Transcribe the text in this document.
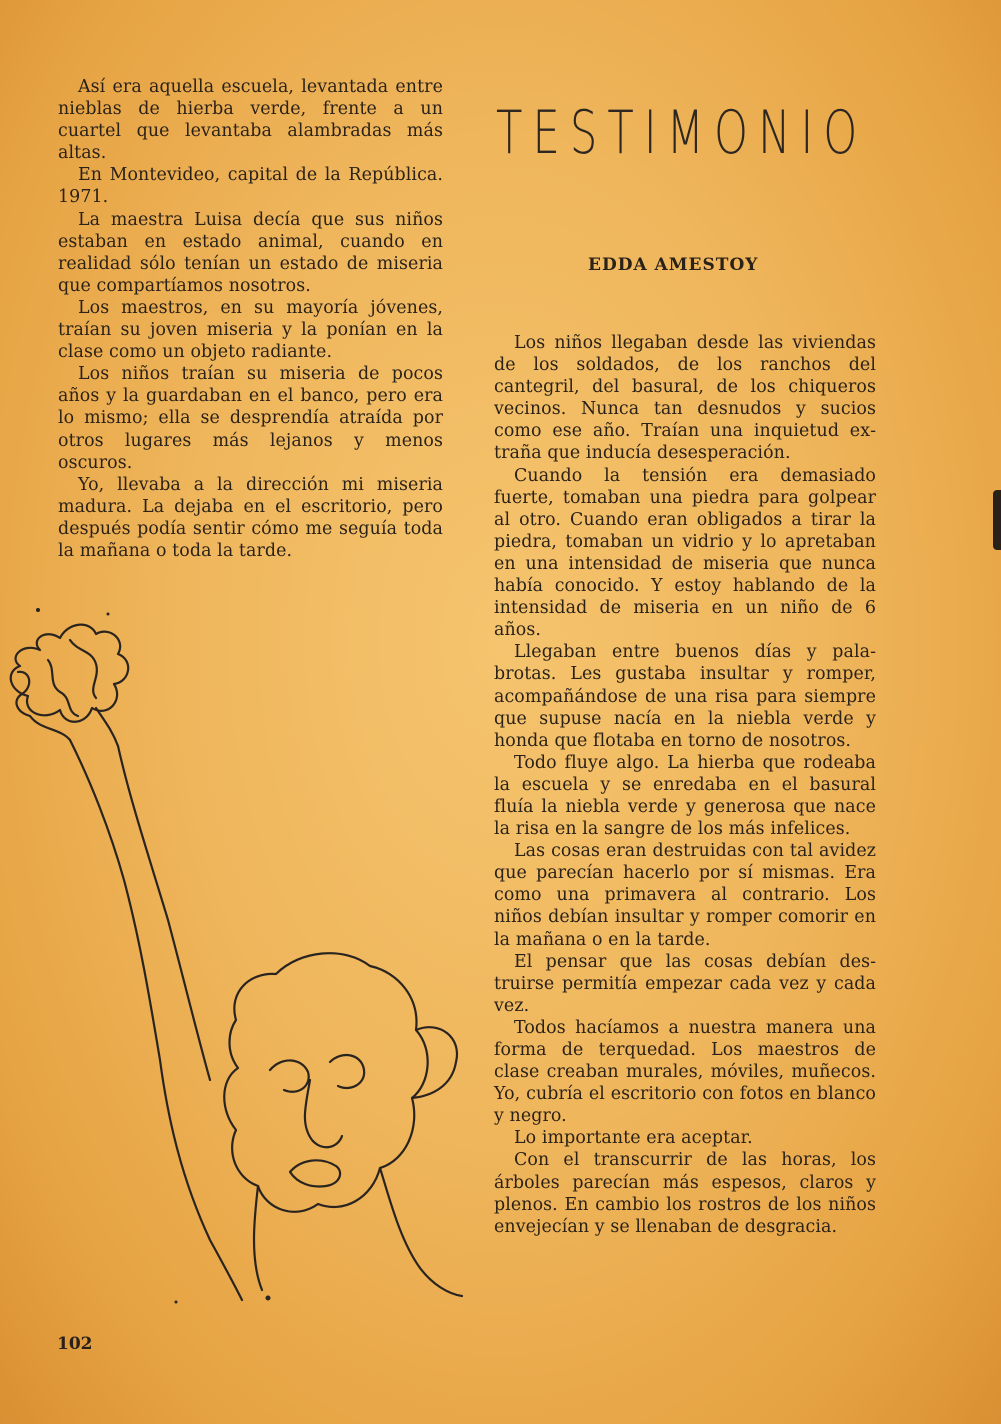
Así era aquella escuela, levantada entre nieblas de hierba verde, frente a un cuartel que levantaba alambradas más altas.

En Montevideo, capital de la República. 1971.

La maestra Luisa decía que sus niños estaban en estado animal, cuando en realidad sólo tenían un estado de miseria que compartíamos nosotros.

Los maestros, en su mayoría jóvenes, traían su joven miseria y la ponían en la clase como un objeto radiante.

Los niños traían su miseria de pocos años y la guardaban en el banco, pero era lo mismo; ella se desprendía atraída por otros lugares más lejanos y menos oscuros.

Yo, llevaba a la dirección mi miseria madura. La dejaba en el escritorio, pero después podía sentir cómo me seguía toda la mañana o toda la tarde.

TESTIMONIO
EDDA AMESTOY

Los niños llegaban desde las viviendas de los soldados, de los ranchos del cantegril, del basural, de los chiqueros vecinos. Nunca tan desnudos y sucios como ese año. Traían una inquietud extraña que inducía desesperación.

Cuando la tensión era demasiado fuerte, tomaban una piedra para golpear al otro. Cuando eran obligados a tirar la piedra, tomaban un vidrio y lo apretaban en una intensidad de miseria que nunca había conocido. Y estoy hablando de la intensidad de miseria en un niño de 6 años.

Llegaban entre buenos días y palabrotas. Les gustaba insultar y romper, acompañándose de una risa para siempre que supuse nacía en la niebla verde y honda que flotaba en torno de nosotros.

Todo fluye algo. La hierba que rodeaba la escuela y se enredaba en el basural fluía la niebla verde y generosa que nace la risa en la sangre de los más infelices.

Las cosas eran destruidas con tal avidez que parecían hacerlo por sí mismas. Era como una primavera al contrario. Los niños debían insultar y romper comorir en la mañana o en la tarde.

El pensar que las cosas debían destruirse permitía empezar cada vez y cada vez.

Todos hacíamos a nuestra manera una forma de terquedad. Los maestros de clase creaban murales, móviles, muñecos. Yo, cubría el escritorio con fotos en blanco y negro.

Lo importante era aceptar.

Con el transcurrir de las horas, los árboles parecían más espesos, claros y plenos. En cambio los rostros de los niños envejecían y se llenaban de desgracia.

102
